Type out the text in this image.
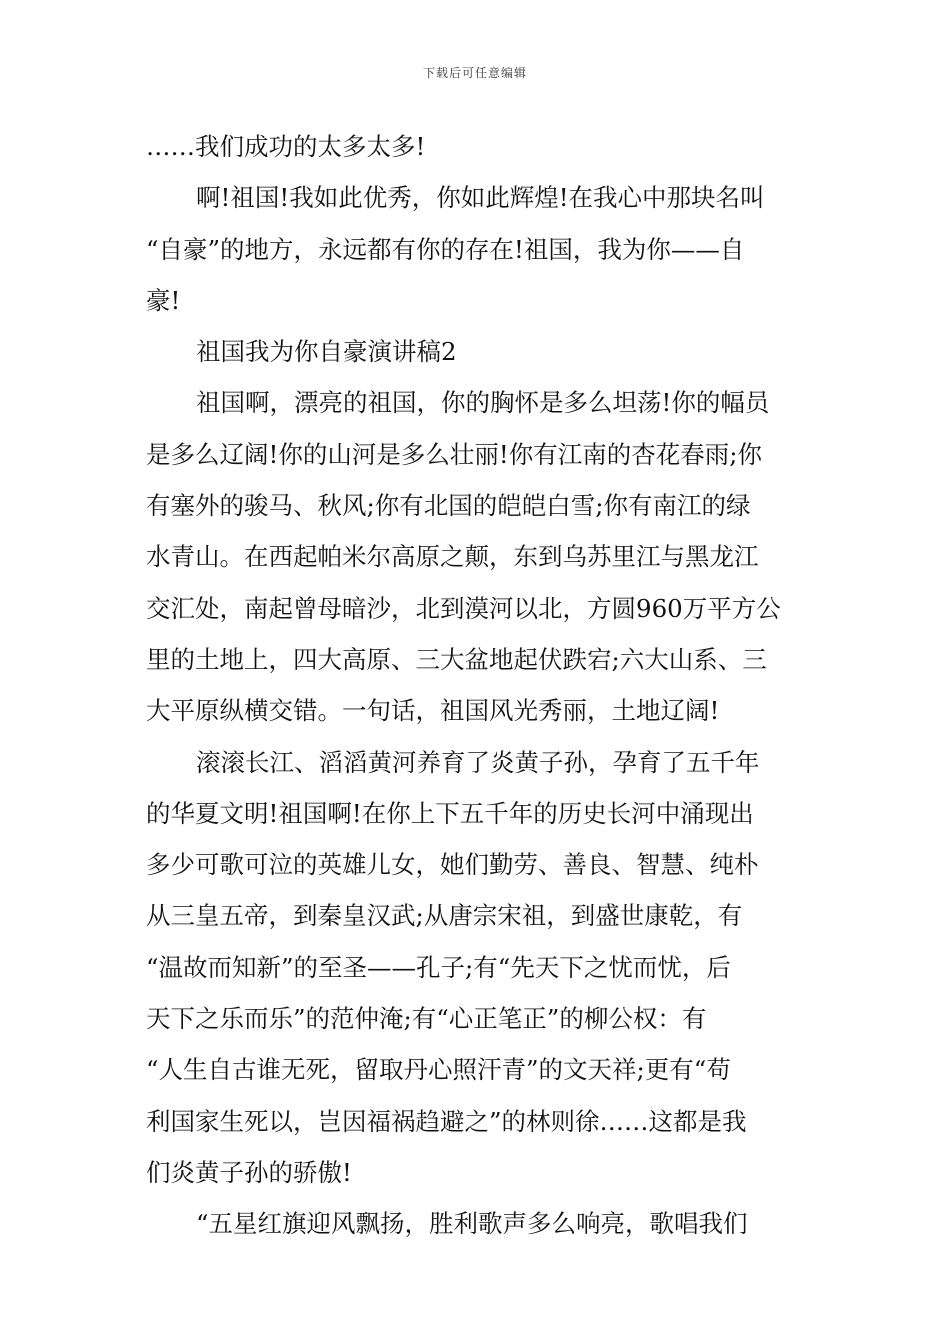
下载后可任意编辑
……我们成功的太多太多!
啊!祖国!我如此优秀，你如此辉煌!在我心中那块名叫
“自豪”的地方，永远都有你的存在!祖国，我为你——自
豪!
祖国我为你自豪演讲稿2
祖国啊，漂亮的祖国，你的胸怀是多么坦荡!你的幅员
是多么辽阔!你的山河是多么壮丽!你有江南的杏花春雨;你
有塞外的骏马、秋风;你有北国的皑皑白雪;你有南江的绿
水青山。在西起帕米尔高原之颠，东到乌苏里江与黑龙江
交汇处，南起曾母暗沙，北到漠河以北，方圆960万平方公
里的土地上，四大高原、三大盆地起伏跌宕;六大山系、三
大平原纵横交错。一句话，祖国风光秀丽，土地辽阔!
滚滚长江、滔滔黄河养育了炎黄子孙，孕育了五千年
的华夏文明!祖国啊!在你上下五千年的历史长河中涌现出
多少可歌可泣的英雄儿女，她们勤劳、善良、智慧、纯朴
从三皇五帝，到秦皇汉武;从唐宗宋祖，到盛世康乾，有
“温故而知新”的至圣——孔子;有“先天下之忧而忧，后
天下之乐而乐”的范仲淹;有“心正笔正”的柳公权：有
“人生自古谁无死，留取丹心照汗青”的文天祥;更有“苟
利国家生死以，岂因福祸趋避之”的林则徐……这都是我
们炎黄子孙的骄傲!
“五星红旗迎风飘扬，胜利歌声多么响亮，歌唱我们
